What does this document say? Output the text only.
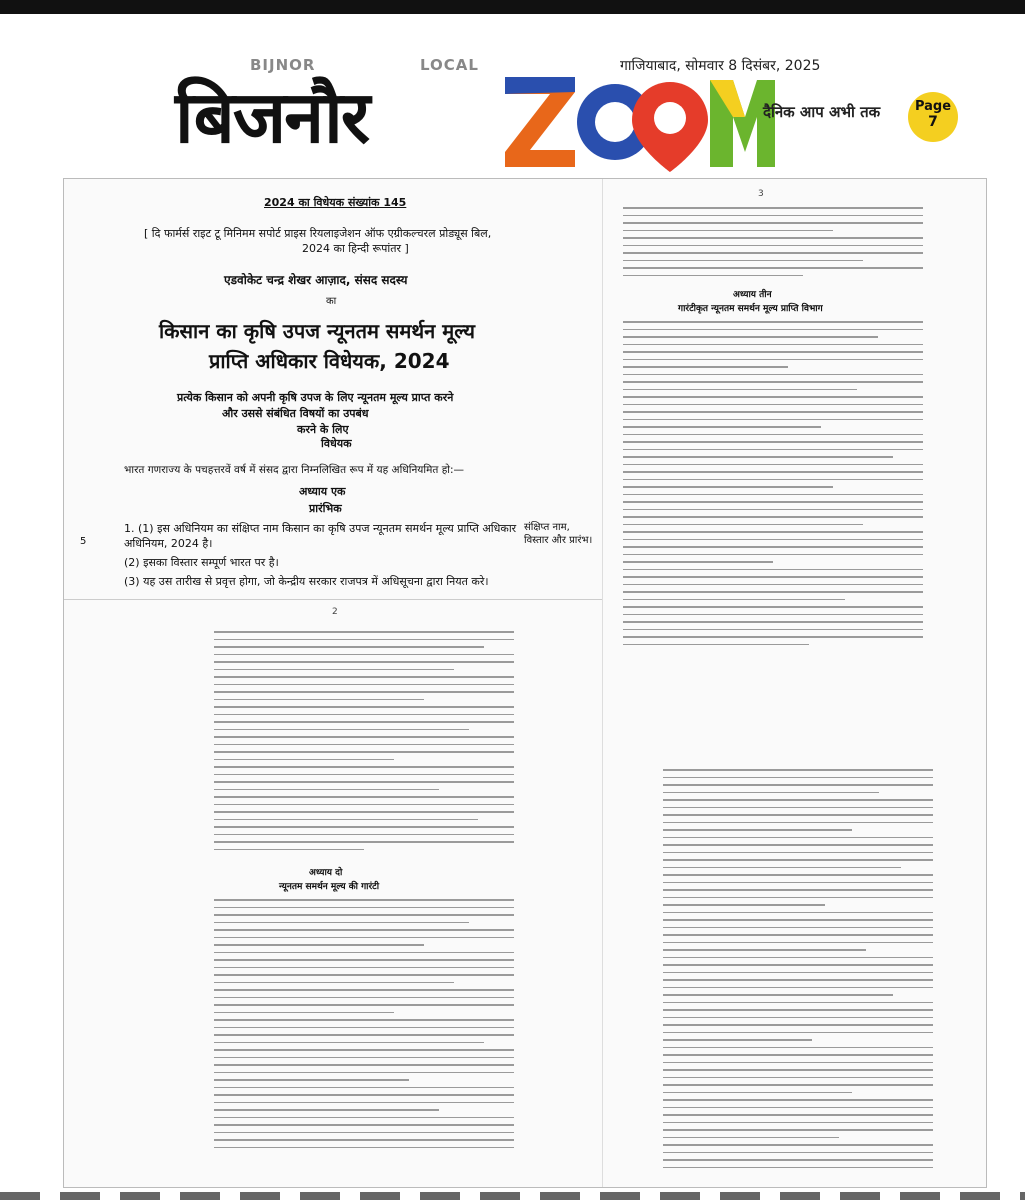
BIJNOR	LOCAL
बिजनौर
गाजियाबाद, सोमवार 8 दिसंबर, 2025
दैनिक आप अभी तक	Page
7
2024 का विधेयक संख्यांक 145
[ दि फार्मर्स राइट टू मिनिमम सपोर्ट प्राइस रियलाइजेशन ऑफ एग्रीकल्चरल प्रोड्यूस बिल,
2024 का हिन्दी रूपांतर ]
एडवोकेट चन्द्र शेखर आज़ाद, संसद सदस्य
का
किसान का कृषि उपज न्यूनतम समर्थन मूल्य
प्राप्ति अधिकार विधेयक, 2024
प्रत्येक किसान को अपनी कृषि उपज के लिए न्यूनतम मूल्य प्राप्त करने
और उससे संबंधित विषयों का उपबंध
करने के लिए
विधेयक
भारत गणराज्य के पचहत्तरवें वर्ष में संसद द्वारा निम्नलिखित रूप में यह अधिनियमित हो:—
अध्याय एक
प्रारंभिक
1. (1) इस अधिनियम का संक्षिप्त नाम किसान का कृषि उपज न्यूनतम समर्थन मूल्य प्राप्ति अधिकार
अधिनियम, 2024 है।
(2) इसका विस्तार सम्पूर्ण भारत पर है।
(3) यह उस तारीख से प्रवृत्त होगा, जो केन्द्रीय सरकार राजपत्र में अधिसूचना द्वारा नियत करे।
5
संक्षिप्त नाम, विस्तार और प्रारंभ।
2
अध्याय दो
न्यूनतम समर्थन मूल्य की गारंटी
3
अध्याय तीन
गारंटीकृत न्यूनतम समर्थन मूल्य प्राप्ति विभाग
